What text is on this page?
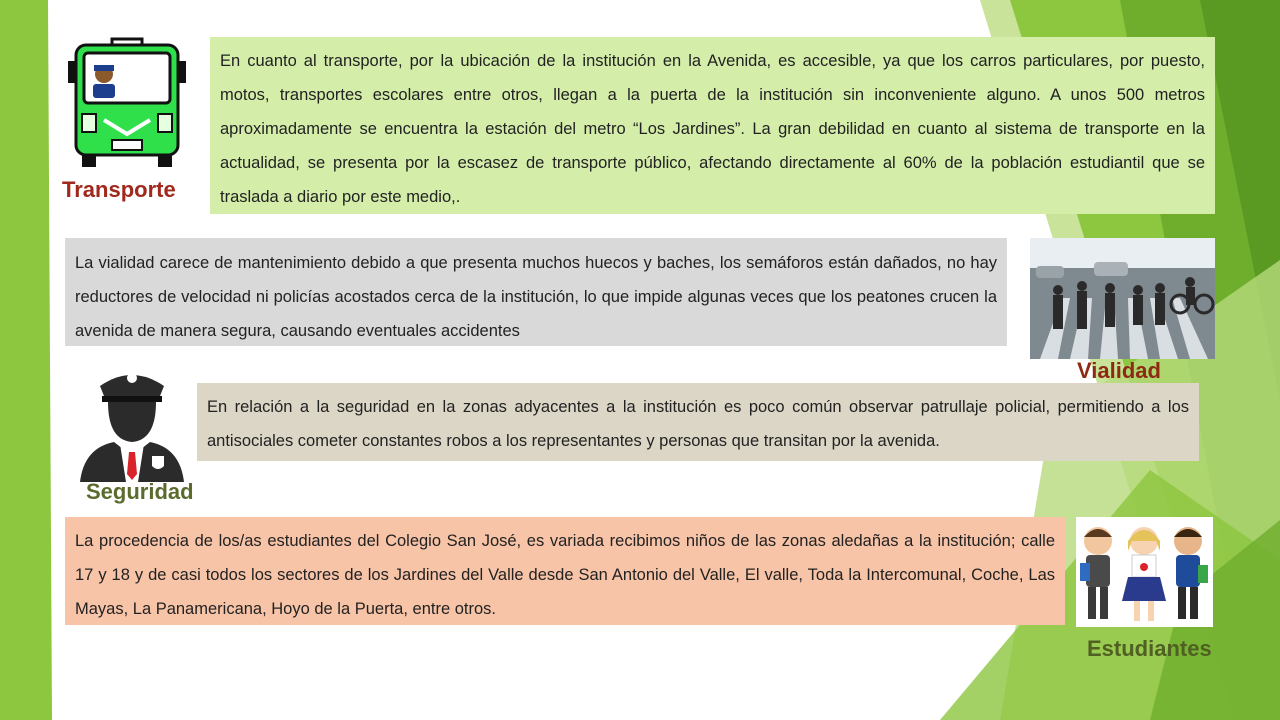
Transporte
En cuanto al transporte, por la ubicación de la institución en la Avenida, es accesible, ya que los carros particulares, por puesto, motos, transportes escolares entre otros, llegan a la puerta de la institución sin inconveniente alguno. A unos 500 metros aproximadamente se encuentra la estación del metro “Los Jardines”. La gran debilidad en cuanto al sistema de transporte en la actualidad, se presenta por la escasez de transporte público, afectando directamente al 60% de la población estudiantil que se traslada a diario por este medio,.
La vialidad carece de mantenimiento debido a que presenta muchos huecos y baches, los semáforos están dañados, no hay reductores de velocidad ni policías acostados cerca de la institución, lo que impide algunas veces que los peatones crucen la avenida de manera segura, causando eventuales accidentes
Vialidad
En relación a la seguridad en la zonas adyacentes a la institución es poco común observar patrullaje policial, permitiendo a los antisociales cometer constantes robos a los representantes y personas que transitan por la avenida.
Seguridad
La procedencia de los/as estudiantes del Colegio San José, es variada recibimos niños de las zonas aledañas a la institución; calle 17 y 18 y de casi todos los sectores de los Jardines del Valle desde San Antonio del Valle, El valle, Toda la Intercomunal, Coche, Las Mayas, La Panamericana, Hoyo de la Puerta, entre otros.
Estudiantes
